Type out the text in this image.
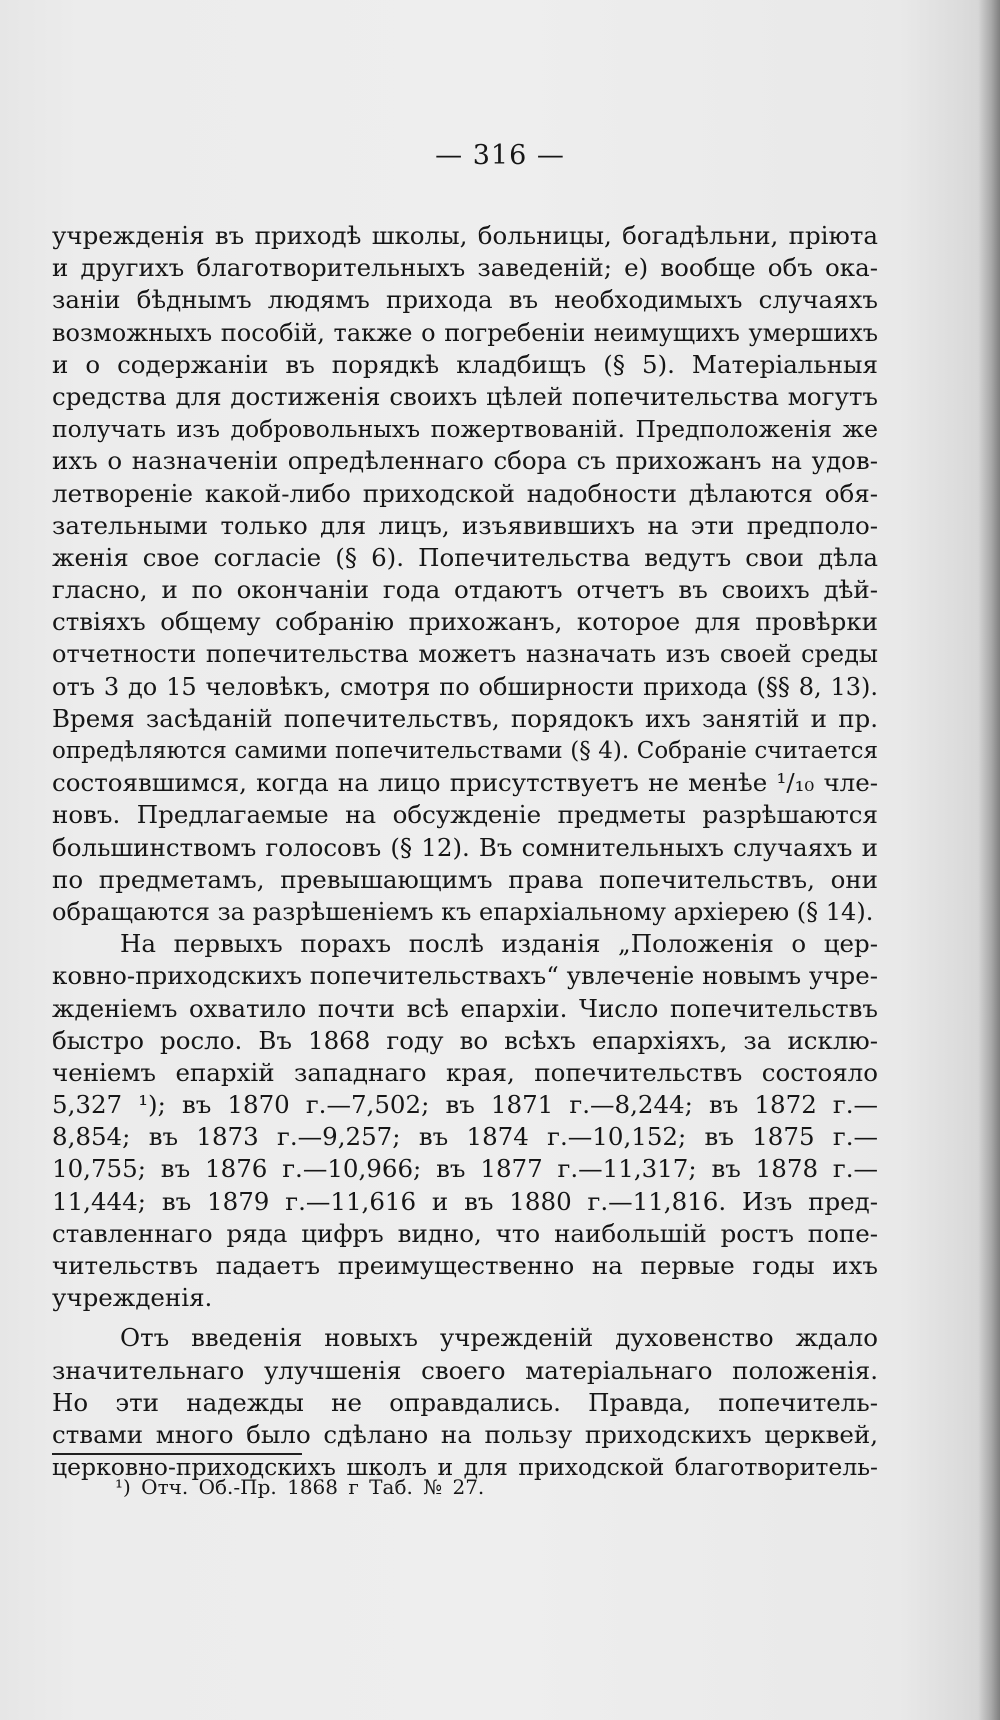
— 316 —
учрежденія въ приходѣ школы, больницы, богадѣльни, пріюта
и другихъ благотворительныхъ заведеній; е) вообще объ ока-
заніи бѣднымъ людямъ прихода въ необходимыхъ случаяхъ
возможныхъ пособій, также о погребеніи неимущихъ умершихъ
и о содержаніи въ порядкѣ кладбищъ (§ 5). Матеріальныя
средства для достиженія своихъ цѣлей попечительства могутъ
получать изъ добровольныхъ пожертвованій. Предположенія же
ихъ о назначеніи опредѣленнаго сбора съ прихожанъ на удов-
летвореніе какой-либо приходской надобности дѣлаются обя-
зательными только для лицъ, изъявившихъ на эти предполо-
женія свое согласіе (§ 6). Попечительства ведутъ свои дѣла
гласно, и по окончаніи года отдаютъ отчетъ въ своихъ дѣй-
ствіяхъ общему собранію прихожанъ, которое для провѣрки
отчетности попечительства можетъ назначать изъ своей среды
отъ 3 до 15 человѣкъ, смотря по обширности прихода (§§ 8, 13).
Время засѣданій попечительствъ, порядокъ ихъ занятій и пр.
опредѣляются самими попечительствами (§ 4). Собраніе считается
состоявшимся, когда на лицо присутствуетъ не менѣе ¹/₁₀ чле-
новъ. Предлагаемые на обсужденіе предметы разрѣшаются
большинствомъ голосовъ (§ 12). Въ сомнительныхъ случаяхъ и
по предметамъ, превышающимъ права попечительствъ, они
обращаются за разрѣшеніемъ къ епархіальному архіерею (§ 14).
На первыхъ порахъ послѣ изданія „Положенія о цер-
ковно-приходскихъ попечительствахъ“ увлеченіе новымъ учре-
жденіемъ охватило почти всѣ епархіи. Число попечительствъ
быстро росло. Въ 1868 году во всѣхъ епархіяхъ, за исклю-
ченіемъ епархій западнаго края, попечительствъ состояло
5,327 ¹); въ 1870 г.—7,502; въ 1871 г.—8,244; въ 1872 г.—
8,854; въ 1873 г.—9,257; въ 1874 г.—10,152; въ 1875 г.—
10,755; въ 1876 г.—10,966; въ 1877 г.—11,317; въ 1878 г.—
11,444; въ 1879 г.—11,616 и въ 1880 г.—11,816. Изъ пред-
ставленнаго ряда цифръ видно, что наибольшій ростъ попе-
чительствъ падаетъ преимущественно на первые годы ихъ
учрежденія.
Отъ введенія новыхъ учрежденій духовенство ждало
значительнаго улучшенія своего матеріальнаго положенія.
Но эти надежды не оправдались. Правда, попечитель-
ствами много было сдѣлано на пользу приходскихъ церквей,
церковно-приходскихъ школъ и для приходской благотворитель-
¹) Отч. Об.-Пр. 1868 г Таб. № 27.
